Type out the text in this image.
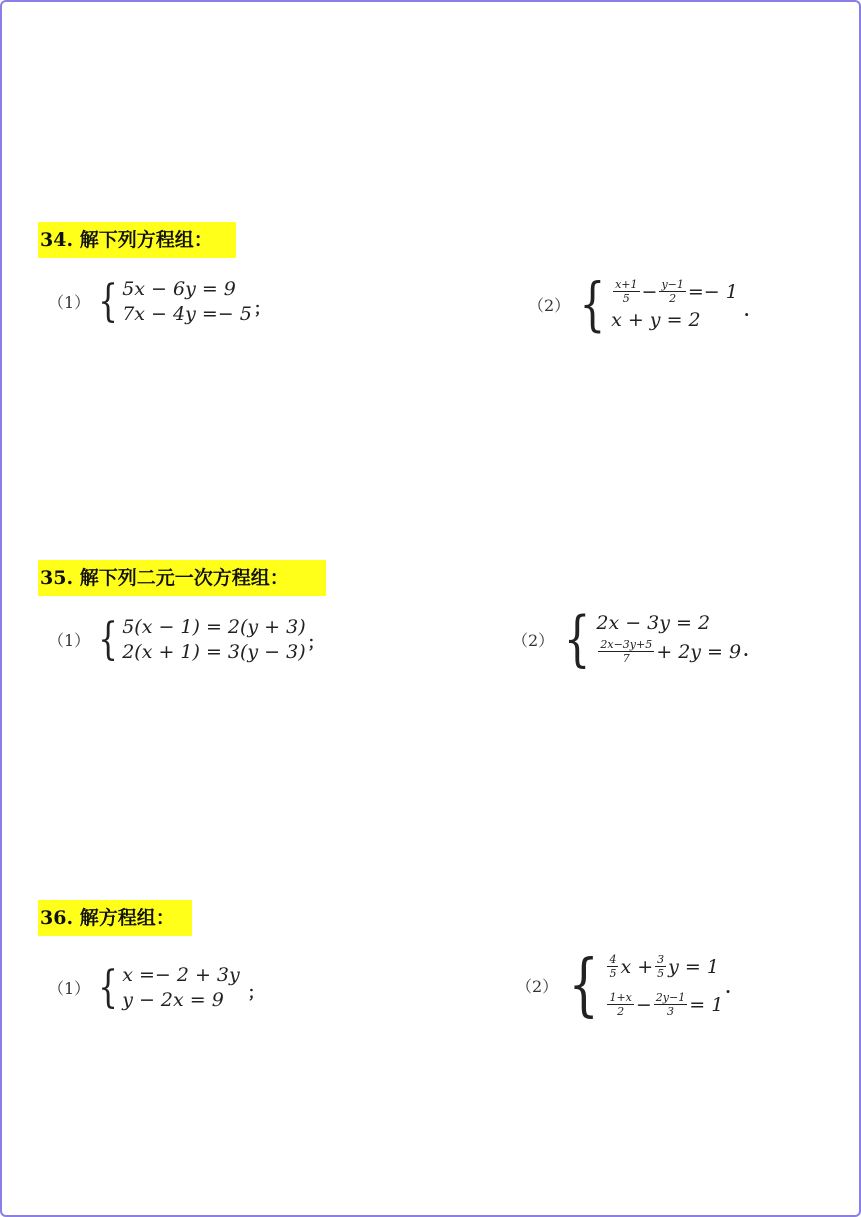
34. 解下列方程组：
（1） { 5x − 6y = 9
7x − 4y =− 5 ；	（2） { $\frac{x+1}{5} - \frac{y-1}{2} =- 1$
x + y = 2	.
35. 解下列二元一次方程组：
（1） { 5(x − 1) = 2(y + 3)
2(x + 1) = 3(y − 3) ；	（2） { 2x − 3y = 2
$\frac{2x-3y+5}{7} + 2y = 9$ .
36. 解方程组：
（1） { x =− 2 + 3y
y − 2x = 9	；	（2） { $\frac{4}{5}$ $x + \frac{3}{5}$ y = 1
$\frac{1+x}{2} - \frac{2y-1}{3} = 1$
.
